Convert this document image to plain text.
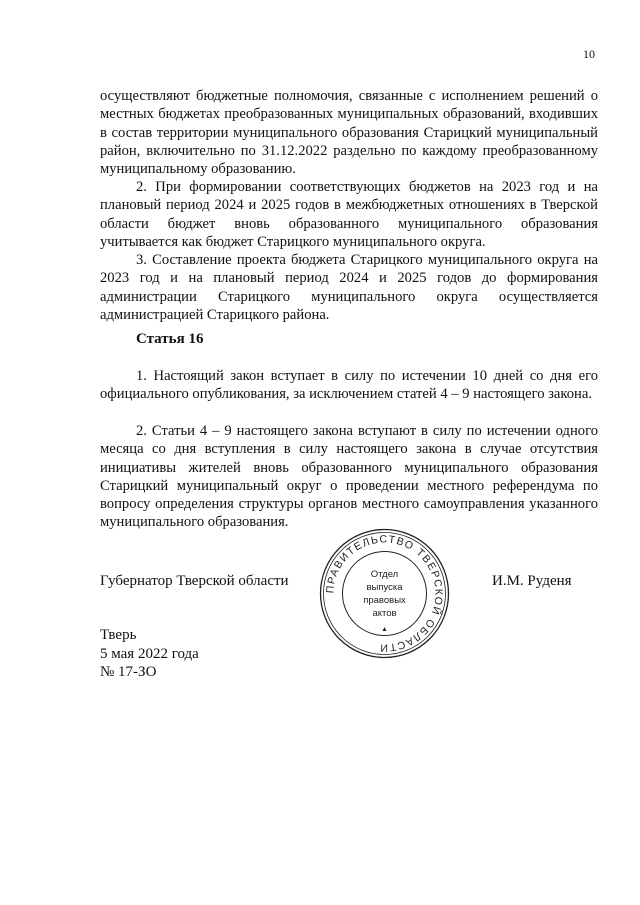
10

осуществляют бюджетные полномочия, связанные с исполнением решений о местных бюджетах преобразованных муниципальных образований, входивших в состав территории муниципального образования Старицкий муниципальный район, включительно по 31.12.2022 раздельно по каждому преобразованному муниципальному образованию.

2. При формировании соответствующих бюджетов на 2023 год и на плановый период 2024 и 2025 годов в межбюджетных отношениях в Тверской области бюджет вновь образованного муниципального образования учитывается как бюджет Старицкого муниципального округа.

3. Составление проекта бюджета Старицкого муниципального округа на 2023 год и на плановый период 2024 и 2025 годов до формирования администрации Старицкого муниципального округа осуществляется администрацией Старицкого района.

Статья 16

1. Настоящий закон вступает в силу по истечении 10 дней со дня его официального опубликования, за исключением статей 4 – 9 настоящего закона.

2. Статьи 4 – 9 настоящего закона вступают в силу по истечении одного месяца со дня вступления в силу настоящего закона в случае отсутствия инициативы жителей вновь образованного муниципального образования Старицкий муниципальный округ о проведении местного референдума по вопросу определения структуры органов местного самоуправления указанного муниципального образования.

Губернатор Тверской области	ПРАВИТЕЛЬСТВО ТВЕРСКОЙ ОБЛАСТИ
Отдел
выпуска
правовых
актов
И.М. Руденя
Тверь
5 мая 2022 года
№ 17-ЗО
